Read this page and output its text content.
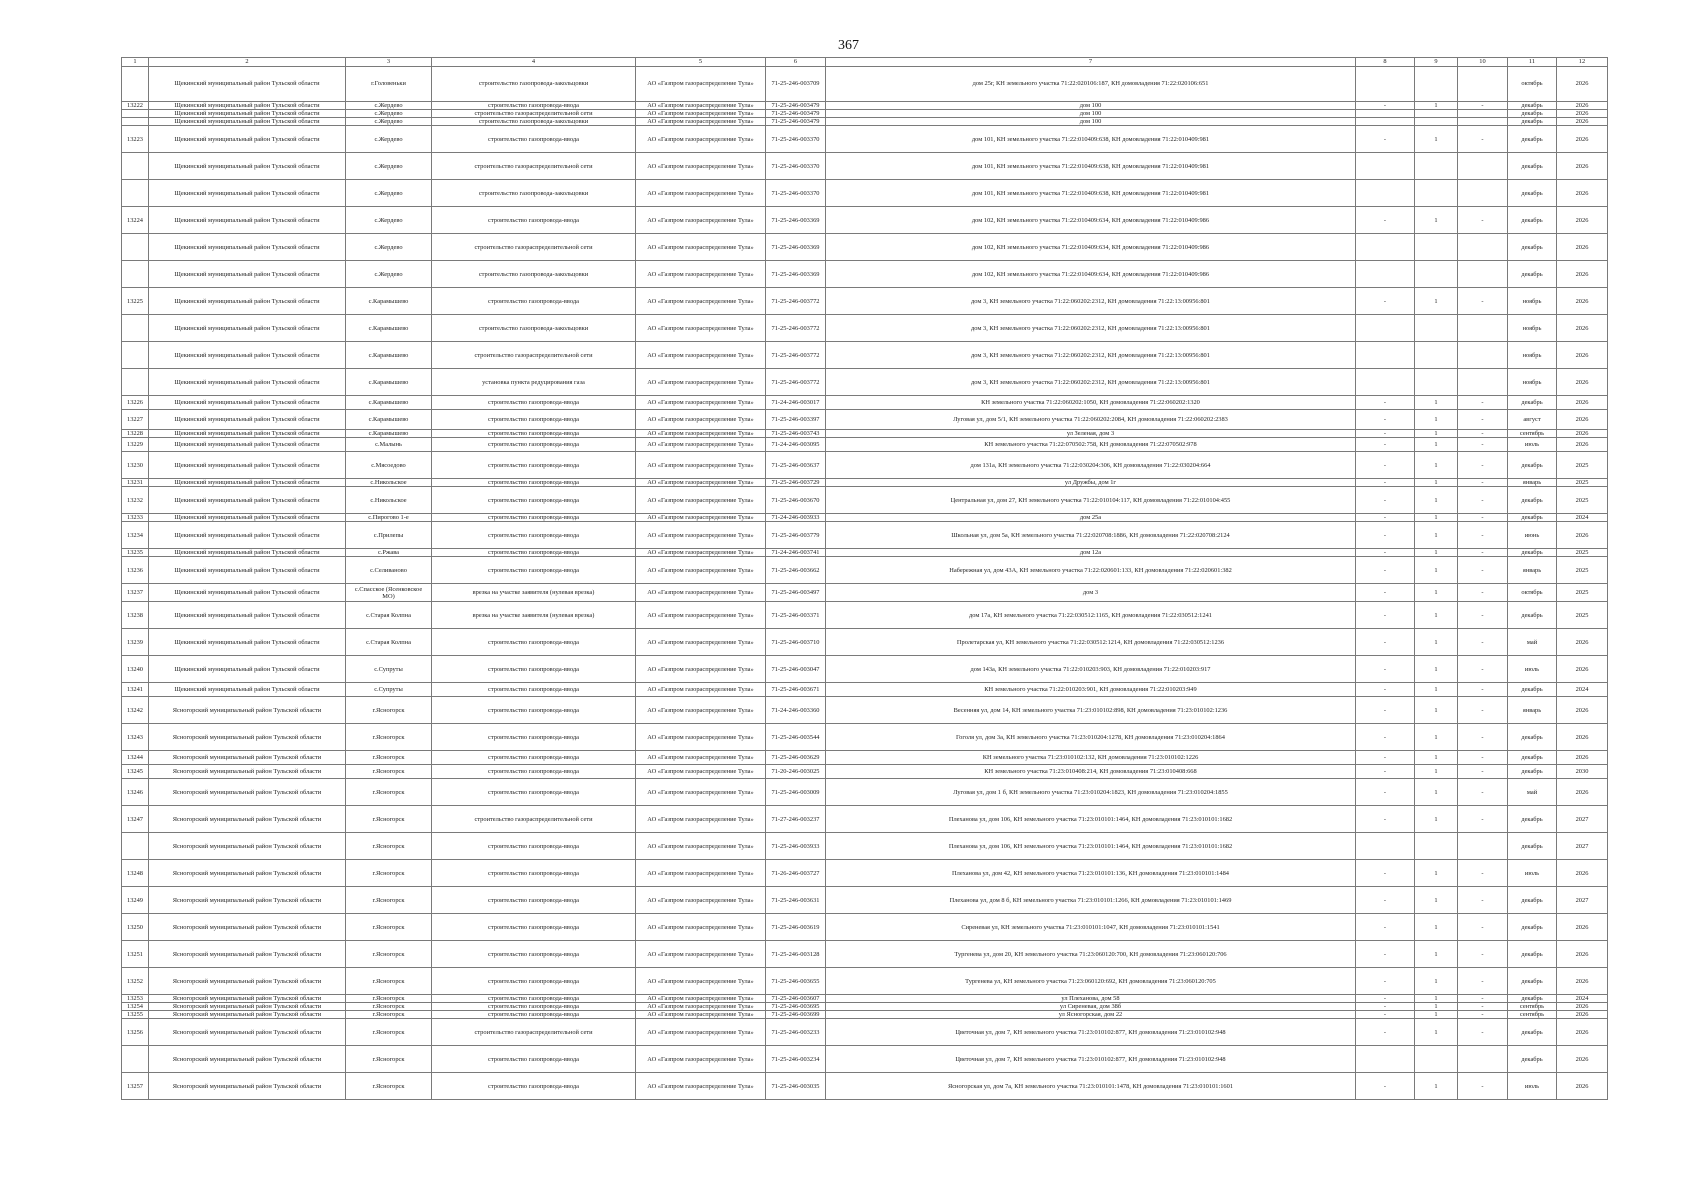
367
1	2	3	4	5	6	7	8	9	10	11	12
	Щекинский муниципальный район Тульской области	г.Головеньки	строительство газопровода-закольцовки	АО «Газпром газораспределение Тула»	71-25-246-003709	дом 25г, КН земельного участка 71:22:020106:187, КН домовладения 71:22:020106:651				октябрь	2026
13222	Щекинский муниципальный район Тульской области	с.Жердево	строительство газопровода-ввода	АО «Газпром газораспределение Тула»	71-25-246-003479	дом 100	-	1	-	декабрь	2026
	Щекинский муниципальный район Тульской области	с.Жердево	строительство газораспределительной сети	АО «Газпром газораспределение Тула»	71-25-246-003479	дом 100				декабрь	2026
	Щекинский муниципальный район Тульской области	с.Жердево	строительство газопровода-закольцовки	АО «Газпром газораспределение Тула»	71-25-246-003479	дом 100				декабрь	2026
13223	Щекинский муниципальный район Тульской области	с.Жердево	строительство газопровода-ввода	АО «Газпром газораспределение Тула»	71-25-246-003370	дом 101, КН земельного участка 71:22:010409:638, КН домовладения 71:22:010409:981	-	1	-	декабрь	2026
	Щекинский муниципальный район Тульской области	с.Жердево	строительство газораспределительной сети	АО «Газпром газораспределение Тула»	71-25-246-003370	дом 101, КН земельного участка 71:22:010409:638, КН домовладения 71:22:010409:981				декабрь	2026
	Щекинский муниципальный район Тульской области	с.Жердево	строительство газопровода-закольцовки	АО «Газпром газораспределение Тула»	71-25-246-003370	дом 101, КН земельного участка 71:22:010409:638, КН домовладения 71:22:010409:981				декабрь	2026
13224	Щекинский муниципальный район Тульской области	с.Жердево	строительство газопровода-ввода	АО «Газпром газораспределение Тула»	71-25-246-003369	дом 102, КН земельного участка 71:22:010409:634, КН домовладения 71:22:010409:986	-	1	-	декабрь	2026
	Щекинский муниципальный район Тульской области	с.Жердево	строительство газораспределительной сети	АО «Газпром газораспределение Тула»	71-25-246-003369	дом 102, КН земельного участка 71:22:010409:634, КН домовладения 71:22:010409:986				декабрь	2026
	Щекинский муниципальный район Тульской области	с.Жердево	строительство газопровода-закольцовки	АО «Газпром газораспределение Тула»	71-25-246-003369	дом 102, КН земельного участка 71:22:010409:634, КН домовладения 71:22:010409:986				декабрь	2026
13225	Щекинский муниципальный район Тульской области	с.Карамышево	строительство газопровода-ввода	АО «Газпром газораспределение Тула»	71-25-246-003772	дом 3, КН земельного участка 71:22:060202:2312, КН домовладения 71:22:13:00956:801	-	1	-	ноябрь	2026
	Щекинский муниципальный район Тульской области	с.Карамышево	строительство газопровода-закольцовки	АО «Газпром газораспределение Тула»	71-25-246-003772	дом 3, КН земельного участка 71:22:060202:2312, КН домовладения 71:22:13:00956:801				ноябрь	2026
	Щекинский муниципальный район Тульской области	с.Карамышево	строительство газораспределительной сети	АО «Газпром газораспределение Тула»	71-25-246-003772	дом 3, КН земельного участка 71:22:060202:2312, КН домовладения 71:22:13:00956:801				ноябрь	2026
	Щекинский муниципальный район Тульской области	с.Карамышево	установка пункта редуцирования газа	АО «Газпром газораспределение Тула»	71-25-246-003772	дом 3, КН земельного участка 71:22:060202:2312, КН домовладения 71:22:13:00956:801				ноябрь	2026
13226	Щекинский муниципальный район Тульской области	с.Карамышево	строительство газопровода-ввода	АО «Газпром газораспределение Тула»	71-24-246-003017	КН земельного участка 71:22:060202:1050, КН домовладения 71:22:060202:1320	-	1	-	декабрь	2026
13227	Щекинский муниципальный район Тульской области	с.Карамышево	строительство газопровода-ввода	АО «Газпром газораспределение Тула»	71-25-246-003397	Луговая ул, дом 5/1, КН земельного участка 71:22:060202:2084, КН домовладения 71:22:060202:2383	-	1	-	август	2026
13228	Щекинский муниципальный район Тульской области	с.Карамышево	строительство газопровода-ввода	АО «Газпром газораспределение Тула»	71-25-246-003743	ул Зеленая, дом 3	-	1	-	сентябрь	2026
13229	Щекинский муниципальный район Тульской области	с.Малынь	строительство газопровода-ввода	АО «Газпром газораспределение Тула»	71-24-246-003095	КН земельного участка 71:22:070502:758, КН домовладения 71:22:070502:978	-	1	-	июль	2026
13230	Щекинский муниципальный район Тульской области	с.Мясоедово	строительство газопровода-ввода	АО «Газпром газораспределение Тула»	71-25-246-003637	дом 131а, КН земельного участка 71:22:030204:306, КН домовладения 71:22:030204:664	-	1	-	декабрь	2025
13231	Щекинский муниципальный район Тульской области	с.Никольское	строительство газопровода-ввода	АО «Газпром газораспределение Тула»	71-25-246-003729	ул Дружбы, дом 1г	-	1	-	январь	2025
13232	Щекинский муниципальный район Тульской области	с.Никольское	строительство газопровода-ввода	АО «Газпром газораспределение Тула»	71-25-246-003670	Центральная ул, дом 27, КН земельного участка 71:22:010104:117, КН домовладения 71:22:010104:455	-	1	-	декабрь	2025
13233	Щекинский муниципальный район Тульской области	с.Пирогово 1-е	строительство газопровода-ввода	АО «Газпром газораспределение Тула»	71-24-246-003933	дом 25а	-	1	-	декабрь	2024
13234	Щекинский муниципальный район Тульской области	с.Прилепы	строительство газопровода-ввода	АО «Газпром газораспределение Тула»	71-25-246-003779	Школьная ул, дом 5а, КН земельного участка 71:22:020708:1886, КН домовладения 71:22:020708:2124	-	1	-	июнь	2026
13235	Щекинский муниципальный район Тульской области	с.Ржава	строительство газопровода-ввода	АО «Газпром газораспределение Тула»	71-24-246-003741	дом 12а	-	1	-	декабрь	2025
13236	Щекинский муниципальный район Тульской области	с.Селиваново	строительство газопровода-ввода	АО «Газпром газораспределение Тула»	71-25-246-003662	Набережная ул, дом 43А, КН земельного участка 71:22:020601:133, КН домовладения 71:22:020601:382	-	1	-	январь	2025
13237	Щекинский муниципальный район Тульской области	с.Спасское (Ясенковское МО)	врезка на участке заявителя (нулевая врезка)	АО «Газпром газораспределение Тула»	71-25-246-003497	дом 3	-	1	-	октябрь	2025
13238	Щекинский муниципальный район Тульской области	с.Старая Колпна	врезка на участке заявителя (нулевая врезка)	АО «Газпром газораспределение Тула»	71-25-246-003371	дом 17а, КН земельного участка 71:22:030512:1165, КН домовладения 71:22:030512:1241	-	1	-	декабрь	2025
13239	Щекинский муниципальный район Тульской области	с.Старая Колпна	строительство газопровода-ввода	АО «Газпром газораспределение Тула»	71-25-246-003710	Пролетарская ул, КН земельного участка 71:22:030512:1214, КН домовладения 71:22:030512:1236	-	1	-	май	2026
13240	Щекинский муниципальный район Тульской области	с.Супруты	строительство газопровода-ввода	АО «Газпром газораспределение Тула»	71-25-246-003047	дом 143а, КН земельного участка 71:22:010203:903, КН домовладения 71:22:010203:917	-	1	-	июль	2026
13241	Щекинский муниципальный район Тульской области	с.Супруты	строительство газопровода-ввода	АО «Газпром газораспределение Тула»	71-25-246-003671	КН земельного участка 71:22:010203:901, КН домовладения 71:22:010203:949	-	1	-	декабрь	2024
13242	Ясногорский муниципальный район Тульской области	г.Ясногорск	строительство газопровода-ввода	АО «Газпром газораспределение Тула»	71-24-246-003360	Весенняя ул, дом 14, КН земельного участка 71:23:010102:898, КН домовладения 71:23:010102:1236	-	1	-	январь	2026
13243	Ясногорский муниципальный район Тульской области	г.Ясногорск	строительство газопровода-ввода	АО «Газпром газораспределение Тула»	71-25-246-003544	Гоголя ул, дом 3а, КН земельного участка 71:23:010204:1278, КН домовладения 71:23:010204:1864	-	1	-	декабрь	2026
13244	Ясногорский муниципальный район Тульской области	г.Ясногорск	строительство газопровода-ввода	АО «Газпром газораспределение Тула»	71-25-246-003629	КН земельного участка 71:23:010102:132, КН домовладения 71:23:010102:1226	-	1	-	декабрь	2026
13245	Ясногорский муниципальный район Тульской области	г.Ясногорск	строительство газопровода-ввода	АО «Газпром газораспределение Тула»	71-20-246-003025	КН земельного участка 71:23:010408:214, КН домовладения 71:23:010408:668	-	1	-	декабрь	2030
13246	Ясногорский муниципальный район Тульской области	г.Ясногорск	строительство газопровода-ввода	АО «Газпром газораспределение Тула»	71-25-246-003009	Луговая ул, дом 1 б, КН земельного участка 71:23:010204:1823, КН домовладения 71:23:010204:1855	-	1	-	май	2026
13247	Ясногорский муниципальный район Тульской области	г.Ясногорск	строительство газораспределительной сети	АО «Газпром газораспределение Тула»	71-27-246-003237	Плеханова ул, дом 106, КН земельного участка 71:23:010101:1464, КН домовладения 71:23:010101:1682	-	1	-	декабрь	2027
	Ясногорский муниципальный район Тульской области	г.Ясногорск	строительство газопровода-ввода	АО «Газпром газораспределение Тула»	71-25-246-003933	Плеханова ул, дом 106, КН земельного участка 71:23:010101:1464, КН домовладения 71:23:010101:1682				декабрь	2027
13248	Ясногорский муниципальный район Тульской области	г.Ясногорск	строительство газопровода-ввода	АО «Газпром газораспределение Тула»	71-26-246-003727	Плеханова ул, дом 42, КН земельного участка 71:23:010101:136, КН домовладения 71:23:010101:1484	-	1	-	июль	2026
13249	Ясногорский муниципальный район Тульской области	г.Ясногорск	строительство газопровода-ввода	АО «Газпром газораспределение Тула»	71-25-246-003631	Плеханова ул, дом 8 б, КН земельного участка 71:23:010101:1266, КН домовладения 71:23:010101:1469	-	1	-	декабрь	2027
13250	Ясногорский муниципальный район Тульской области	г.Ясногорск	строительство газопровода-ввода	АО «Газпром газораспределение Тула»	71-25-246-003619	Сиреневая ул, КН земельного участка 71:23:010101:1047, КН домовладения 71:23:010101:1541	-	1	-	декабрь	2026
13251	Ясногорский муниципальный район Тульской области	г.Ясногорск	строительство газопровода-ввода	АО «Газпром газораспределение Тула»	71-25-246-003128	Тургенева ул, дом 20, КН земельного участка 71:23:060120:700, КН домовладения 71:23:060120:706	-	1	-	декабрь	2026
13252	Ясногорский муниципальный район Тульской области	г.Ясногорск	строительство газопровода-ввода	АО «Газпром газораспределение Тула»	71-25-246-003655	Тургенева ул, КН земельного участка 71:23:060120:692, КН домовладения 71:23:060120:705	-	1	-	декабрь	2026
13253	Ясногорский муниципальный район Тульской области	г.Ясногорск	строительство газопровода-ввода	АО «Газпром газораспределение Тула»	71-25-246-003607	ул Плеханова, дом 58	-	1	-	декабрь	2024
13254	Ясногорский муниципальный район Тульской области	г.Ясногорск	строительство газопровода-ввода	АО «Газпром газораспределение Тула»	71-25-246-003695	ул Сиреневая, дом 38б	-	1	-	сентябрь	2026
13255	Ясногорский муниципальный район Тульской области	г.Ясногорск	строительство газопровода-ввода	АО «Газпром газораспределение Тула»	71-25-246-003699	ул Ясногорская, дом 22	-	1	-	сентябрь	2026
13256	Ясногорский муниципальный район Тульской области	г.Ясногорск	строительство газораспределительной сети	АО «Газпром газораспределение Тула»	71-25-246-003233	Цветочная ул, дом 7, КН земельного участка 71:23:010102:877, КН домовладения 71:23:010102:948	-	1	-	декабрь	2026
	Ясногорский муниципальный район Тульской области	г.Ясногорск	строительство газопровода-ввода	АО «Газпром газораспределение Тула»	71-25-246-003234	Цветочная ул, дом 7, КН земельного участка 71:23:010102:877, КН домовладения 71:23:010102:948				декабрь	2026
13257	Ясногорский муниципальный район Тульской области	г.Ясногорск	строительство газопровода-ввода	АО «Газпром газораспределение Тула»	71-25-246-003035	Ясногорская ул, дом 7а, КН земельного участка 71:23:010101:1478, КН домовладения 71:23:010101:1601	-	1	-	июль	2026
